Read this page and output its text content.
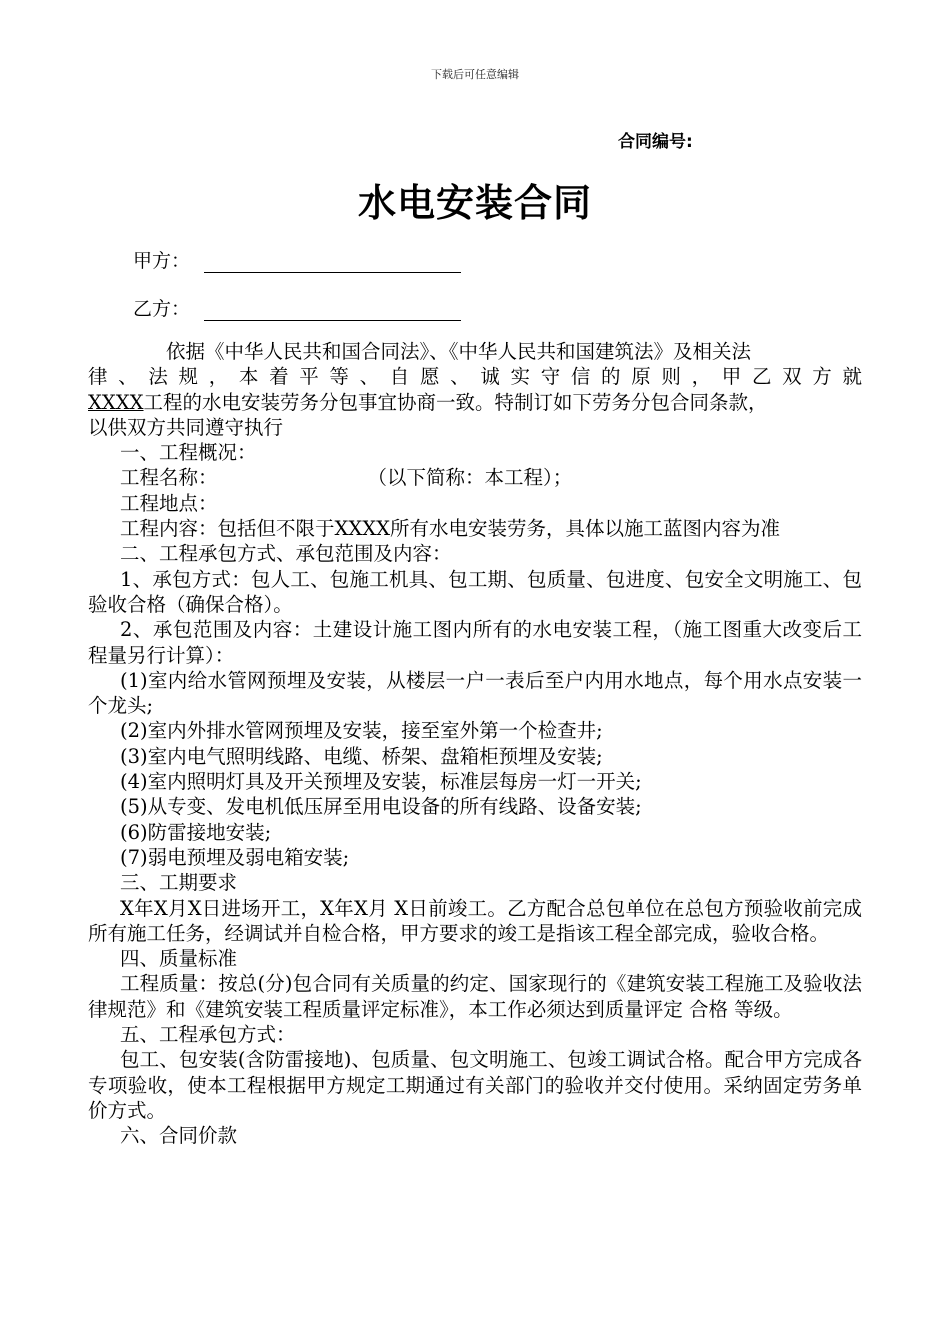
下载后可任意编辑
合同编号:
水电安装合同
甲方：
乙方：

依据《中华人民共和国合同法》、《中华人民共和国建筑法》及相关法

律、法规，本着平等、自愿、诚实守信的原则，甲乙双方就

XXXX工程的水电安装劳务分包事宜协商一致。特制订如下劳务分包合同条款，

以供双方共同遵守执行

一、工程概况：

工程名称：	（以下简称：本工程）；

工程地点：

工程内容：包括但不限于XXXX所有水电安装劳务，具体以施工蓝图内容为准

二、工程承包方式、承包范围及内容：

1、承包方式：包人工、包施工机具、包工期、包质量、包进度、包安全文明施工、包验收合格（确保合格）。

2、承包范围及内容：土建设计施工图内所有的水电安装工程，（施工图重大改变后工程量另行计算）：

(1)室内给水管网预埋及安装，从楼层一户一表后至户内用水地点，每个用水点安装一个龙头;

(2)室内外排水管网预埋及安装，接至室外第一个检查井;

(3)室内电气照明线路、电缆、桥架、盘箱柜预埋及安装;

(4)室内照明灯具及开关预埋及安装，标准层每房一灯一开关;

(5)从专变、发电机低压屏至用电设备的所有线路、设备安装;

(6)防雷接地安装;

(7)弱电预埋及弱电箱安装;

三、工期要求

X年X月X日进场开工，X年X月 X日前竣工。乙方配合总包单位在总包方预验收前完成所有施工任务，经调试并自检合格，甲方要求的竣工是指该工程全部完成，验收合格。

四、质量标准

工程质量：按总(分)包合同有关质量的约定、国家现行的《建筑安装工程施工及验收法律规范》和《建筑安装工程质量评定标准》，本工作必须达到质量评定 合格 等级。

五、工程承包方式：

包工、包安装(含防雷接地)、包质量、包文明施工、包竣工调试合格。配合甲方完成各专项验收，使本工程根据甲方规定工期通过有关部门的验收并交付使用。采纳固定劳务单价方式。

六、合同价款
